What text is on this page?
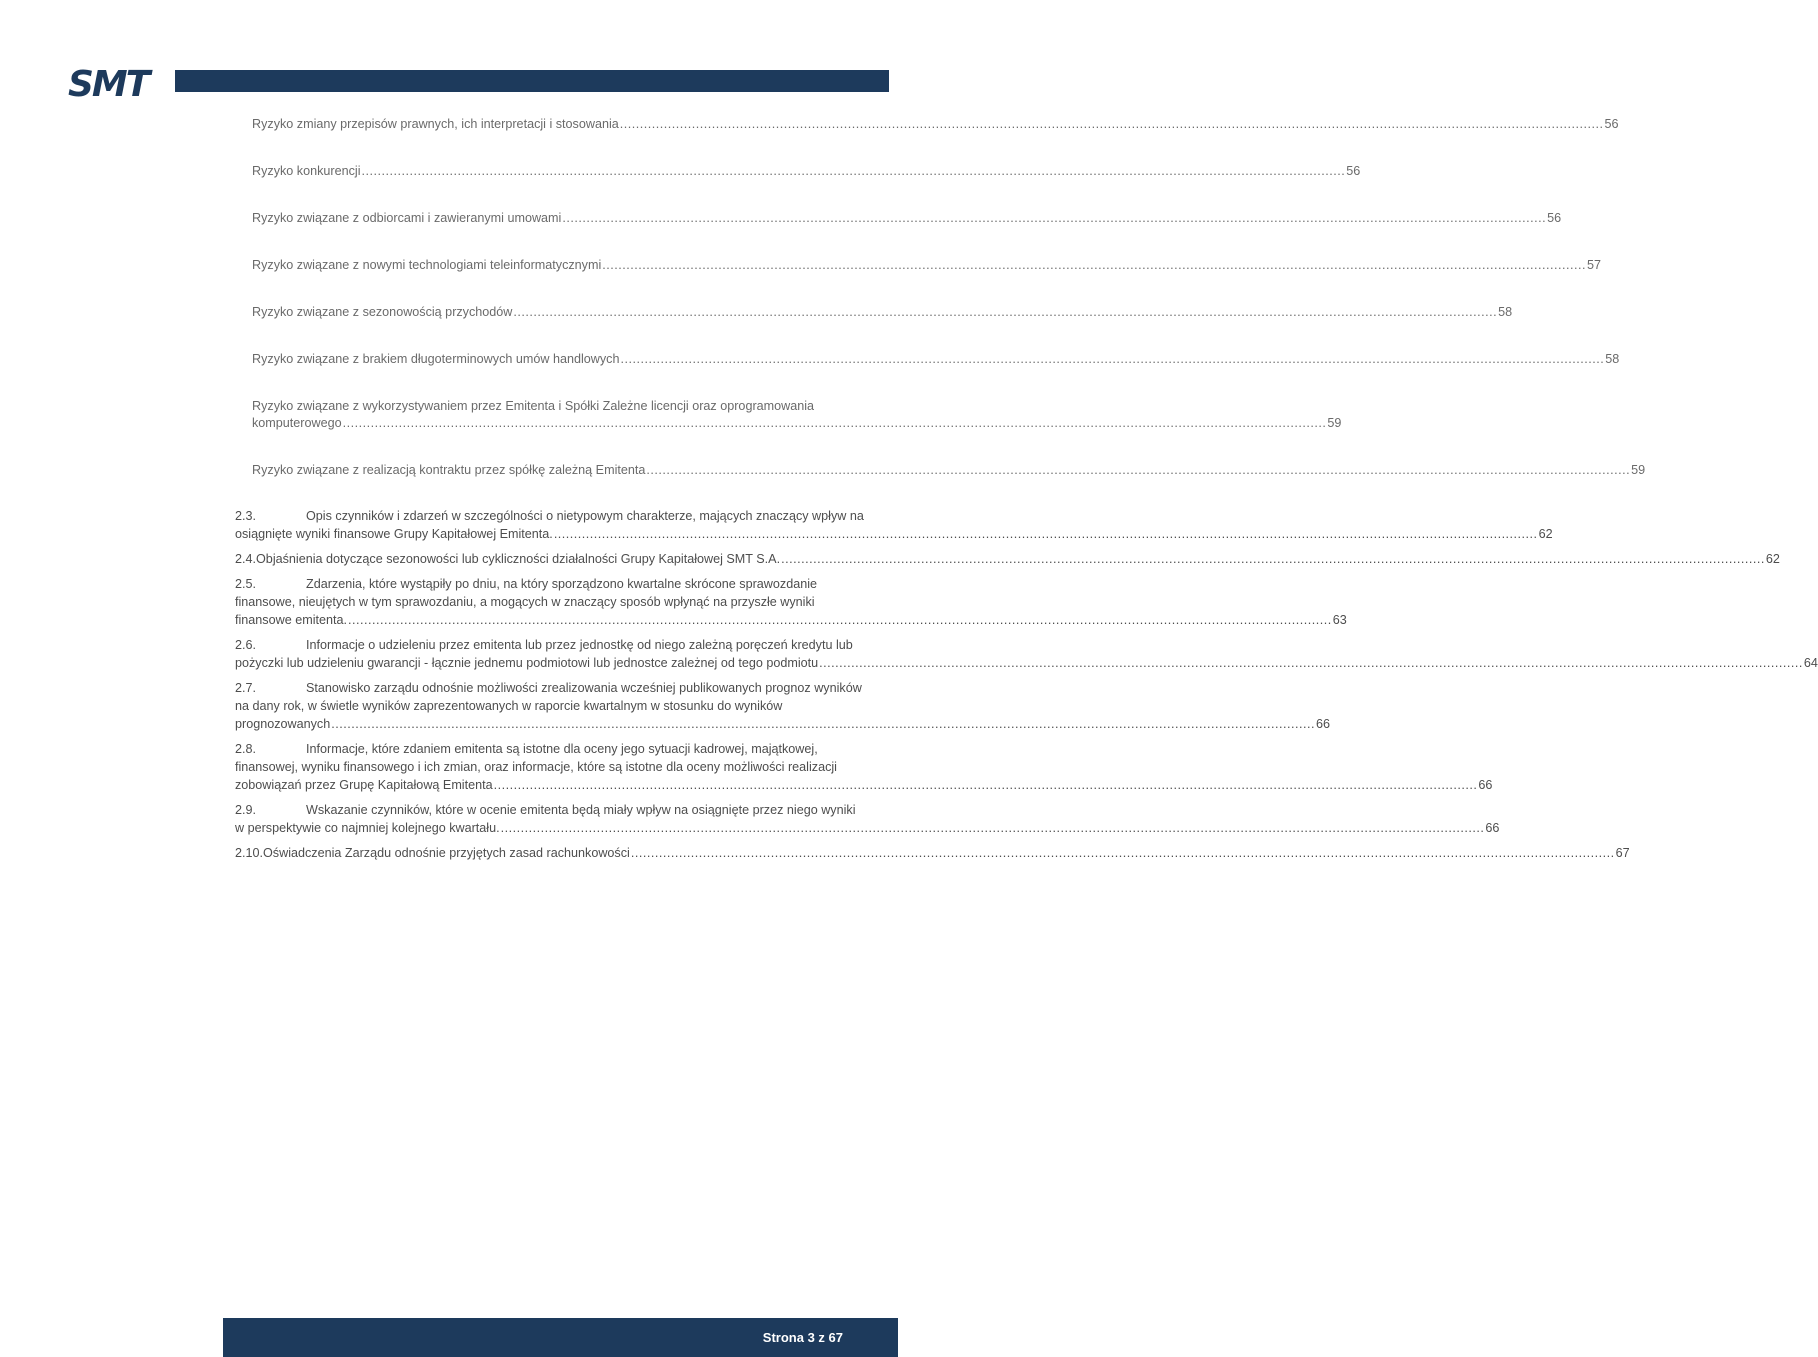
SMT
Ryzyko zmiany przepisów prawnych, ich interpretacji i stosowania .....	56
Ryzyko konkurencji .....	56
Ryzyko związane z odbiorcami i zawieranymi umowami .....	56
Ryzyko związane z nowymi technologiami teleinformatycznymi .....	57
Ryzyko związane z sezonowością przychodów .....	58
Ryzyko związane z brakiem długoterminowych umów handlowych .....	58
Ryzyko związane z wykorzystywaniem przez Emitenta i Spółki Zależne licencji oraz oprogramowania
komputerowego .....	59
Ryzyko związane z realizacją kontraktu przez spółkę zależną Emitenta .....	59
2.3.	Opis czynników i zdarzeń w szczególności o nietypowym charakterze, mających znaczący wpływ na
osiągnięte wyniki finansowe Grupy Kapitałowej Emitenta. .....	62
2.4. Objaśnienia dotyczące sezonowości lub cykliczności działalności Grupy Kapitałowej SMT S.A. .....	62
2.5.	Zdarzenia, które wystąpiły po dniu, na który sporządzono kwartalne skrócone sprawozdanie
finansowe, nieujętych w tym sprawozdaniu, a mogących w znaczący sposób wpłynąć na przyszłe wyniki
finansowe emitenta. .....	63
2.6.	Informacje o udzieleniu przez emitenta lub przez jednostkę od niego zależną poręczeń kredytu lub
pożyczki lub udzieleniu gwarancji - łącznie jednemu podmiotowi lub jednostce zależnej od tego podmiotu .....	64
2.7.	Stanowisko zarządu odnośnie możliwości zrealizowania wcześniej publikowanych prognoz wyników
na dany rok, w świetle wyników zaprezentowanych w raporcie kwartalnym w stosunku do wyników
prognozowanych .....	66
2.8.	Informacje, które zdaniem emitenta są istotne dla oceny jego sytuacji kadrowej, majątkowej,
finansowej, wyniku finansowego i ich zmian, oraz informacje, które są istotne dla oceny możliwości realizacji
zobowiązań przez Grupę Kapitałową Emitenta .....	66
2.9.	Wskazanie czynników, które w ocenie emitenta będą miały wpływ na osiągnięte przez niego wyniki
w perspektywie co najmniej kolejnego kwartału. .....	66
2.10. Oświadczenia Zarządu odnośnie przyjętych zasad rachunkowości .....	67
Strona 3 z 67
